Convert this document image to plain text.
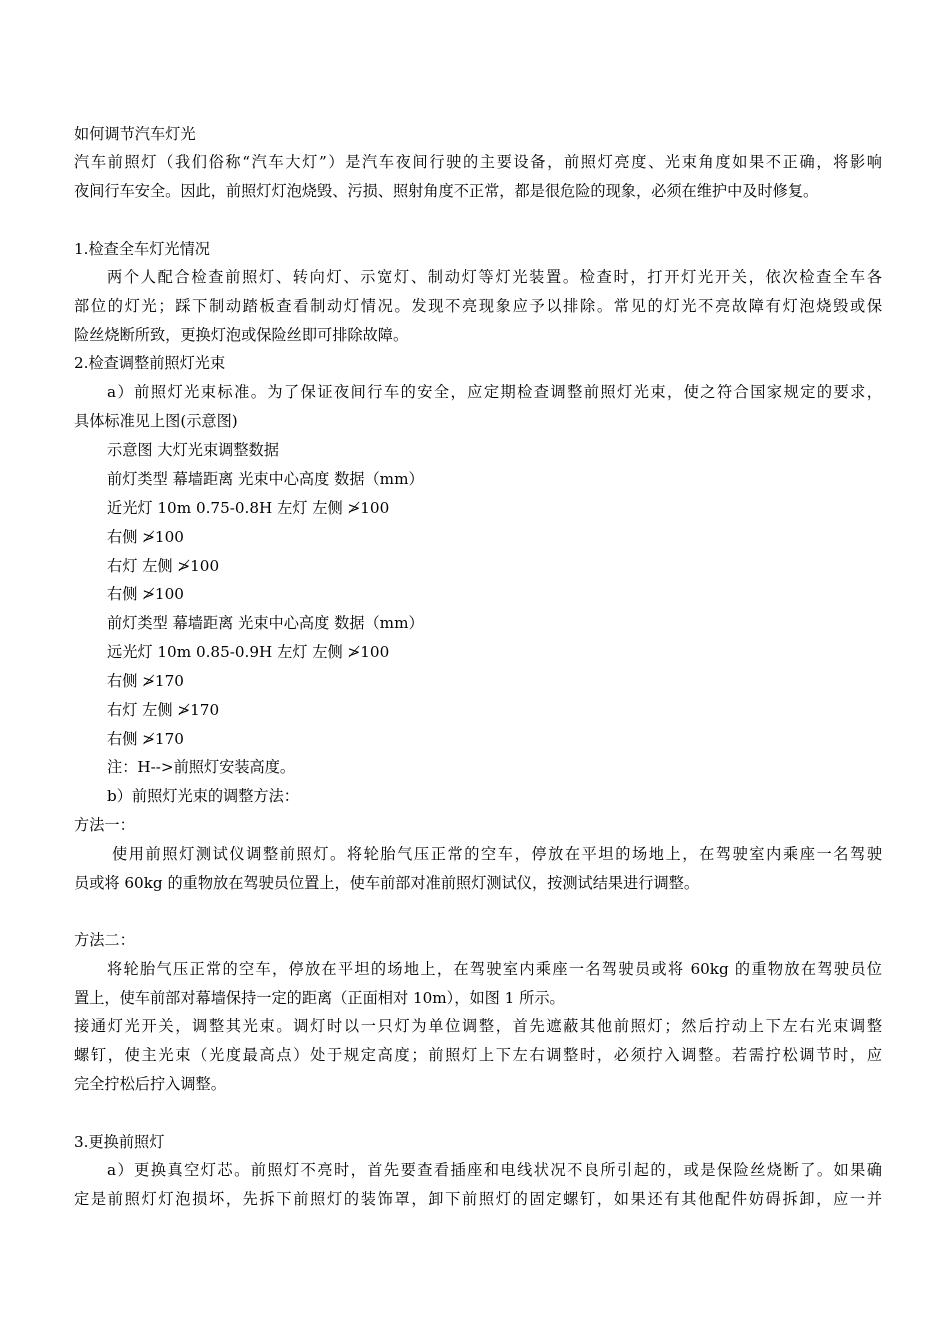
如何调节汽车灯光
汽车前照灯（我们俗称“汽车大灯”）是汽车夜间行驶的主要设备，前照灯亮度、光束角度如果不正确，将影响
夜间行车安全。因此，前照灯灯泡烧毁、污损、照射角度不正常，都是很危险的现象，必须在维护中及时修复。
1.检查全车灯光情况
两个人配合检查前照灯、转向灯、示宽灯、制动灯等灯光装置。检查时，打开灯光开关，依次检查全车各
部位的灯光；踩下制动踏板查看制动灯情况。发现不亮现象应予以排除。常见的灯光不亮故障有灯泡烧毁或保
险丝烧断所致，更换灯泡或保险丝即可排除故障。
2.检查调整前照灯光束
a）前照灯光束标准。为了保证夜间行车的安全，应定期检查调整前照灯光束，使之符合国家规定的要求，
具体标准见上图(示意图)
示意图 大灯光束调整数据
前灯类型 幕墙距离 光束中心高度 数据（mm）
近光灯 10m 0.75-0.8H 左灯 左侧 ≯100
右侧 ≯100
右灯 左侧 ≯100
右侧 ≯100
前灯类型 幕墙距离 光束中心高度 数据（mm）
远光灯 10m 0.85-0.9H 左灯 左侧 ≯100
右侧 ≯170
右灯 左侧 ≯170
右侧 ≯170
注：H-->前照灯安装高度。
b）前照灯光束的调整方法：
方法一：
使用前照灯测试仪调整前照灯。将轮胎气压正常的空车，停放在平坦的场地上，在驾驶室内乘座一名驾驶
员或将 60kg 的重物放在驾驶员位置上，使车前部对准前照灯测试仪，按测试结果进行调整。
方法二：
将轮胎气压正常的空车，停放在平坦的场地上，在驾驶室内乘座一名驾驶员或将 60kg 的重物放在驾驶员位
置上，使车前部对幕墙保持一定的距离（正面相对 10m），如图 1 所示。
接通灯光开关，调整其光束。调灯时以一只灯为单位调整，首先遮蔽其他前照灯；然后拧动上下左右光束调整
螺钉，使主光束（光度最高点）处于规定高度；前照灯上下左右调整时，必须拧入调整。若需拧松调节时，应
完全拧松后拧入调整。
3.更换前照灯
a）更换真空灯芯。前照灯不亮时，首先要查看插座和电线状况不良所引起的，或是保险丝烧断了。如果确
定是前照灯灯泡损坏，先拆下前照灯的装饰罩，卸下前照灯的固定螺钉，如果还有其他配件妨碍拆卸，应一并
